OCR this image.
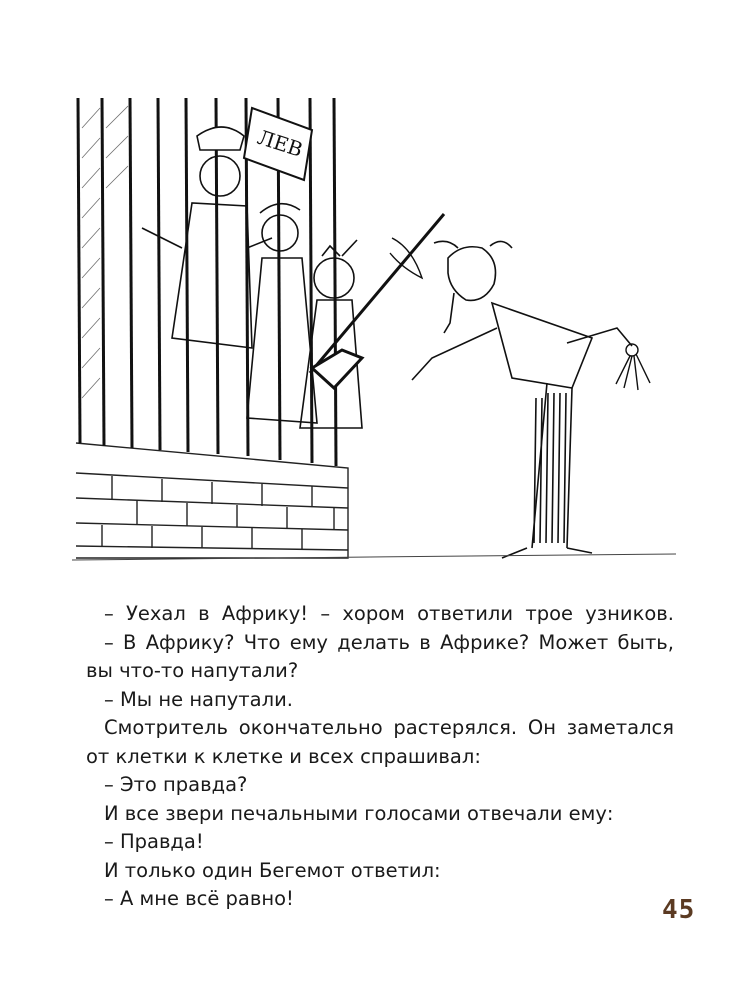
ЛЕВ

– Уехал в Африку! – хором ответили трое узников.

– В Африку? Что ему делать в Африке? Может быть,

вы что-то напутали?

– Мы не напутали.

Смотритель окончательно растерялся. Он заметался

от клетки к клетке и всех спрашивал:

– Это правда?

И все звери печальными голосами отвечали ему:

– Правда!

И только один Бегемот ответил:

– А мне всё равно!	45
